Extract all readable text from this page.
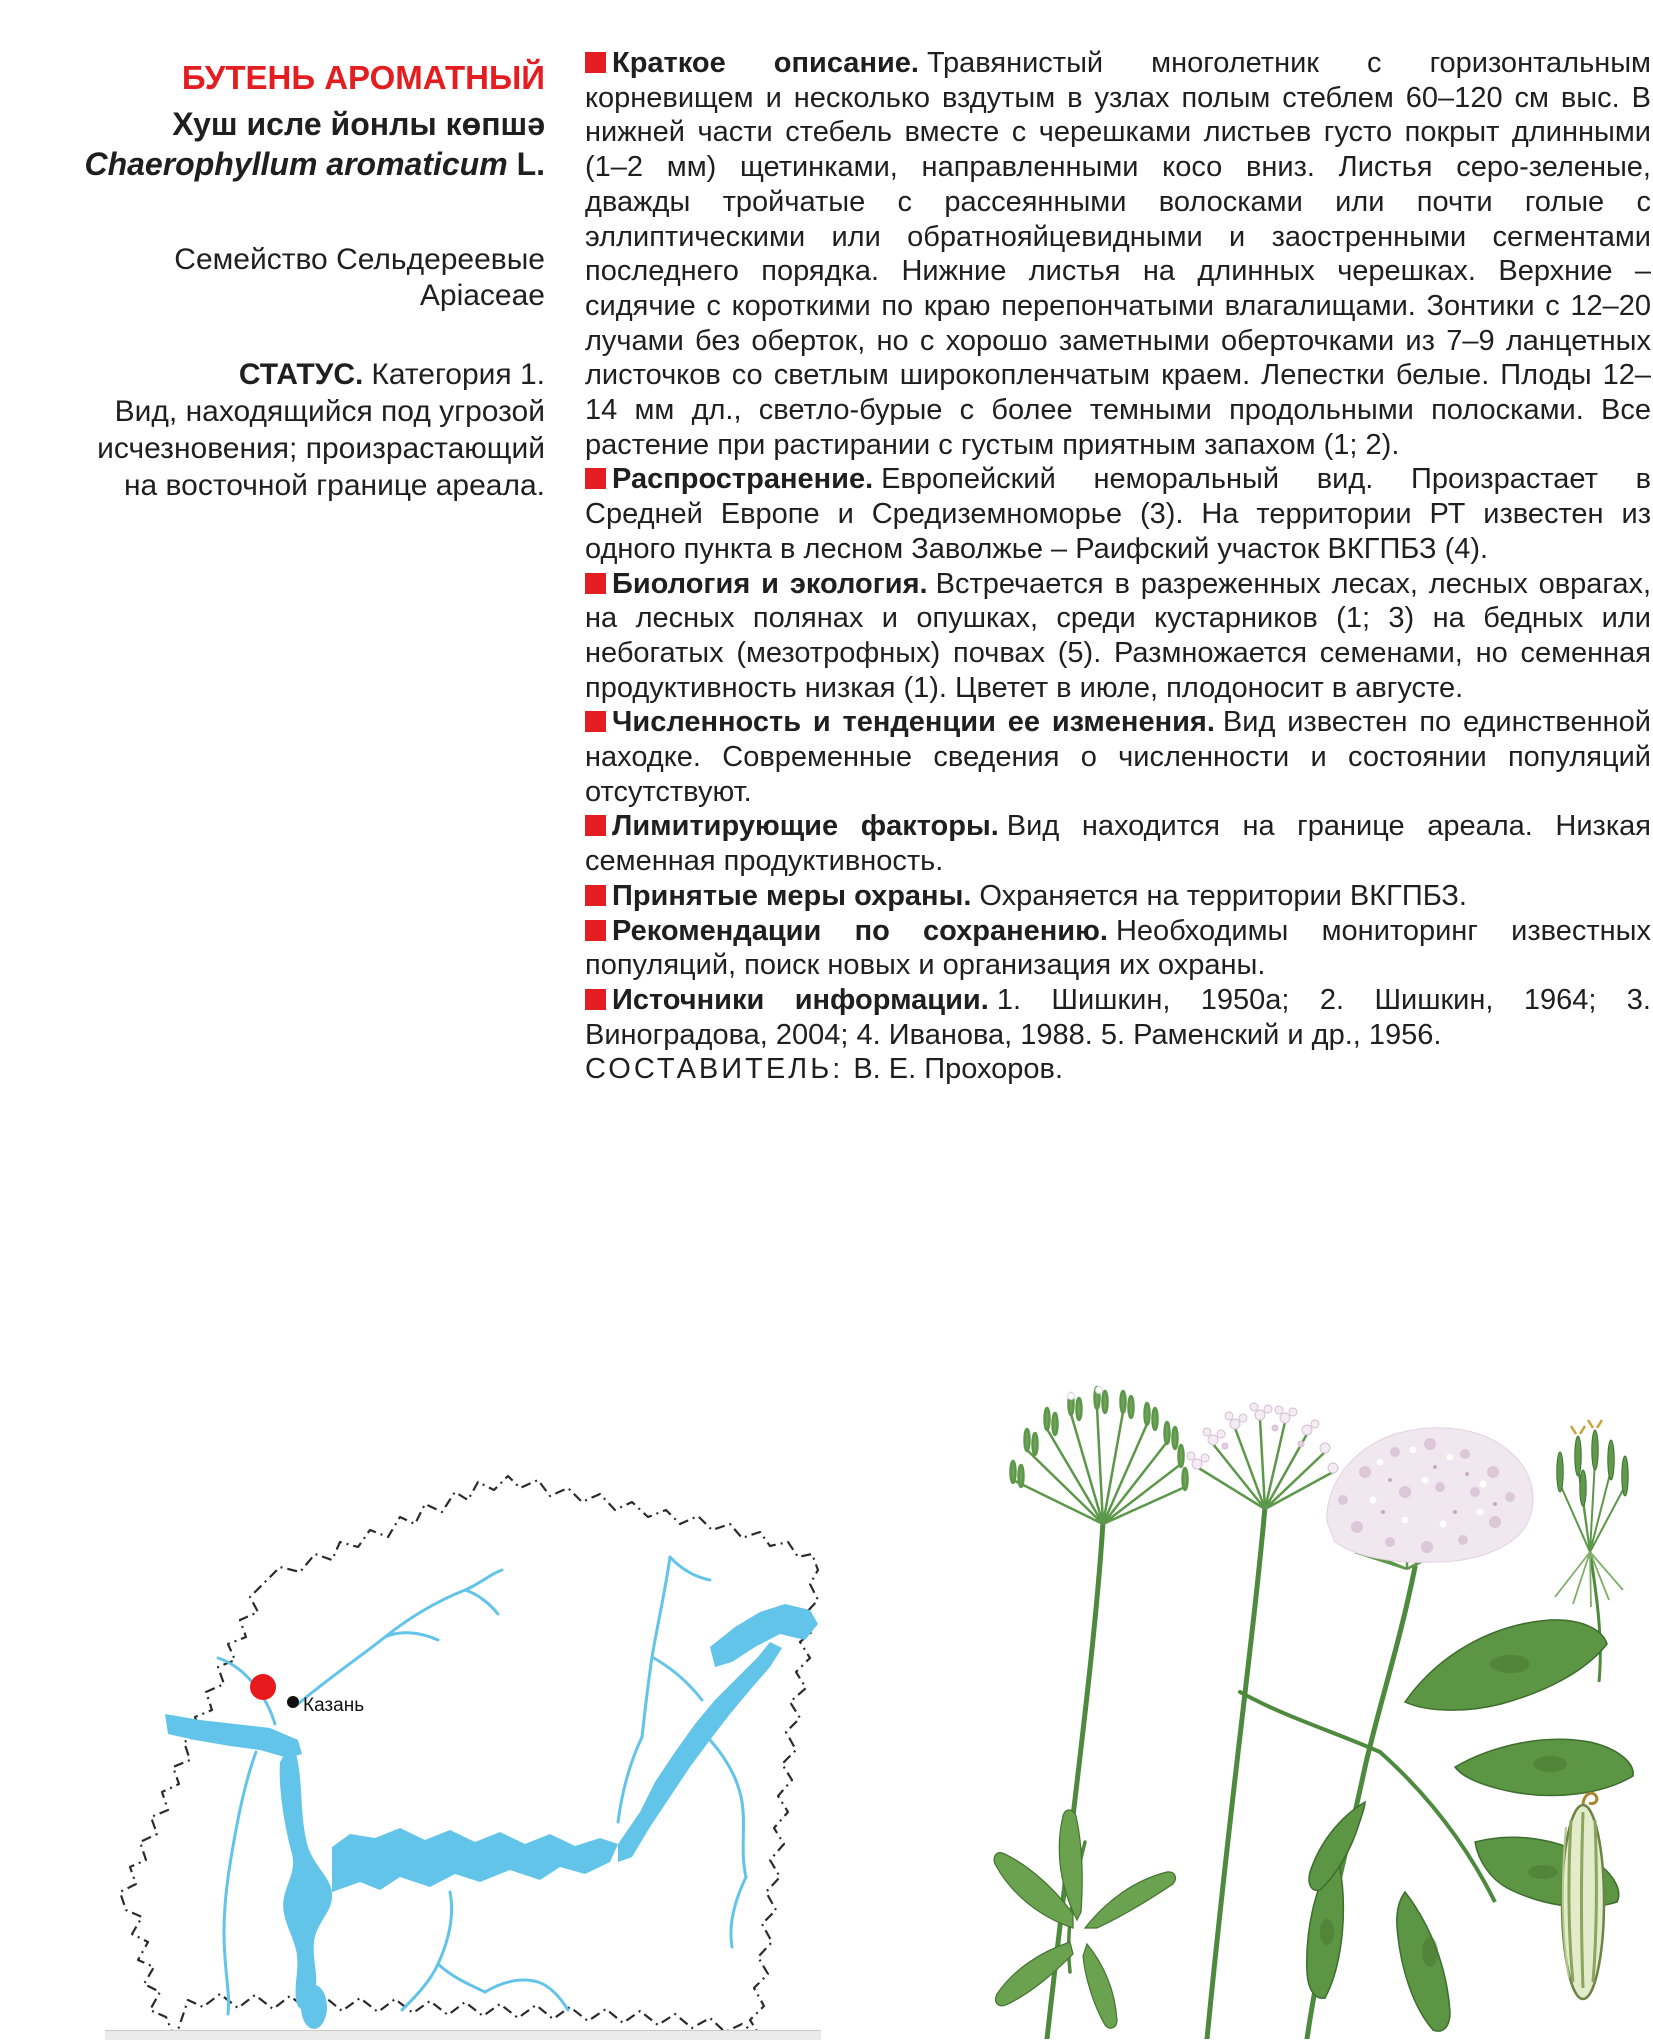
БУТЕНЬ АРОМАТНЫЙ
Хуш исле йонлы көпшә
Chaerophyllum aromaticum L.
Семейство Сельдереевые
Apiaceae
СТАТУС. Категория 1.
Вид, находящийся под угрозой исчезновения; произрастающий на восточной границе ареала.

Краткое описание. Травянистый многолетник с горизонтальным корневищем и несколько вздутым в узлах полым стеблем 60–120 см выс. В нижней части стебель вместе с черешками листьев густо покрыт длинными (1–2 мм) щетинками, направленными косо вниз. Листья серо-зеленые, дважды тройчатые с рассеянными волосками или почти голые с эллиптическими или обратнояйцевидными и заостренными сегментами последнего порядка. Нижние листья на длинных черешках. Верхние – сидячие с короткими по краю перепончатыми влагалищами. Зонтики с 12–20 лучами без оберток, но с хорошо заметными оберточками из 7–9 ланцетных листочков со светлым широкопленчатым краем. Лепестки белые. Плоды 12–14 мм дл., светло-бурые с более темными продольными полосками. Все растение при растирании с густым приятным запахом (1; 2).

Распространение. Европейский неморальный вид. Произрастает в Средней Европе и Средиземноморье (3). На территории РТ известен из одного пункта в лесном Заволжье – Раифский участок ВКГПБЗ (4).

Биология и экология. Встречается в разреженных лесах, лесных оврагах, на лесных полянах и опушках, среди кустарников (1; 3) на бедных или небогатых (мезотрофных) почвах (5). Размножается семенами, но семенная продуктивность низкая (1). Цветет в июле, плодоносит в августе.

Численность и тенденции ее изменения. Вид известен по единственной находке. Современные сведения о численности и состоянии популяций отсутствуют.

Лимитирующие факторы. Вид находится на границе ареала. Низкая семенная продуктивность.

Принятые меры охраны. Охраняется на территории ВКГПБЗ.

Рекомендации по сохранению. Необходимы мониторинг известных популяций, поиск новых и организация их охраны.

Источники информации. 1. Шишкин, 1950а; 2. Шишкин, 1964; 3. Виноградова, 2004; 4. Иванова, 1988. 5. Раменский и др., 1956.

СОСТАВИТЕЛЬ: В. Е. Прохоров.

Казань
